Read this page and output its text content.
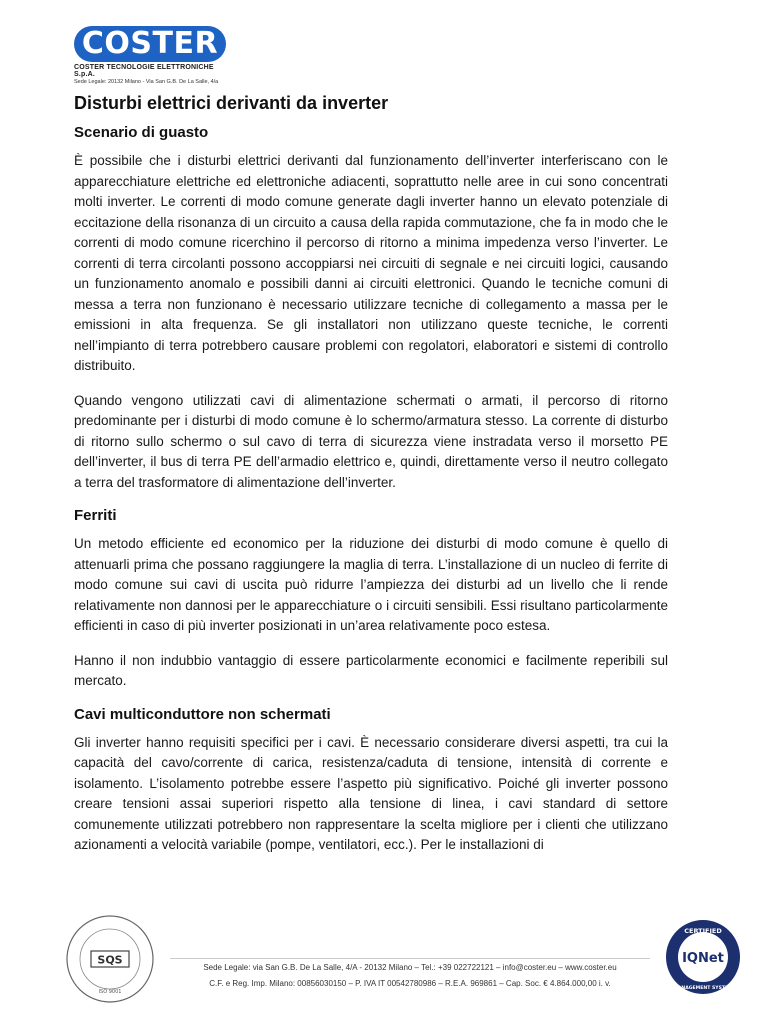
COSTER
COSTER TECNOLOGIE ELETTRONICHE S.p.A.
Sede Legale: 20132 Milano - Via San G.B. De La Salle, 4/a
Disturbi elettrici derivanti da inverter
Scenario di guasto

È possibile che i disturbi elettrici derivanti dal funzionamento dell’inverter interferiscano con le apparecchiature elettriche ed elettroniche adiacenti, soprattutto nelle aree in cui sono concentrati molti inverter. Le correnti di modo comune generate dagli inverter hanno un elevato potenziale di eccitazione della risonanza di un circuito a causa della rapida commutazione, che fa in modo che le correnti di modo comune ricerchino il percorso di ritorno a minima impedenza verso l’inverter. Le correnti di terra circolanti possono accoppiarsi nei circuiti di segnale e nei circuiti logici, causando un funzionamento anomalo e possibili danni ai circuiti elettronici. Quando le tecniche comuni di messa a terra non funzionano è necessario utilizzare tecniche di collegamento a massa per le emissioni in alta frequenza. Se gli installatori non utilizzano queste tecniche, le correnti nell’impianto di terra potrebbero causare problemi con regolatori, elaboratori e sistemi di controllo distribuito.

Quando vengono utilizzati cavi di alimentazione schermati o armati, il percorso di ritorno predominante per i disturbi di modo comune è lo schermo/armatura stesso. La corrente di disturbo di ritorno sullo schermo o sul cavo di terra di sicurezza viene instradata verso il morsetto PE dell’inverter, il bus di terra PE dell’armadio elettrico e, quindi, direttamente verso il neutro collegato a terra del trasformatore di alimentazione dell’inverter.

Ferriti

Un metodo efficiente ed economico per la riduzione dei disturbi di modo comune è quello di attenuarli prima che possano raggiungere la maglia di terra. L’installazione di un nucleo di ferrite di modo comune sui cavi di uscita può ridurre l’ampiezza dei disturbi ad un livello che li rende relativamente non dannosi per le apparecchiature o i circuiti sensibili. Essi risultano particolarmente efficienti in caso di più inverter posizionati in un’area relativamente poco estesa.

Hanno il non indubbio vantaggio di essere particolarmente economici e facilmente reperibili sul mercato.

Cavi multiconduttore non schermati

Gli inverter hanno requisiti specifici per i cavi. È necessario considerare diversi aspetti, tra cui la capacità del cavo/corrente di carica, resistenza/caduta di tensione, intensità di corrente e isolamento. L’isolamento potrebbe essere l’aspetto più significativo. Poiché gli inverter possono creare tensioni assai superiori rispetto alla tensione di linea, i cavi standard di settore comunemente utilizzati potrebbero non rappresentare la scelta migliore per i clienti che utilizzano azionamenti a velocità variabile (pompe, ventilatori, ecc.). Per le installazioni di

SQS
ISO 9001
Sede Legale: via San G.B. De La Salle, 4/A - 20132 Milano – Tel.: +39 022722121 – info@coster.eu – www.coster.eu
C.F. e Reg. Imp. Milano: 00856030150 – P. IVA IT 00542780986 – R.E.A. 969861 – Cap. Soc. € 4.864.000,00 i. v.
CERTIFIED
IQNet
MANAGEMENT SYSTEM
